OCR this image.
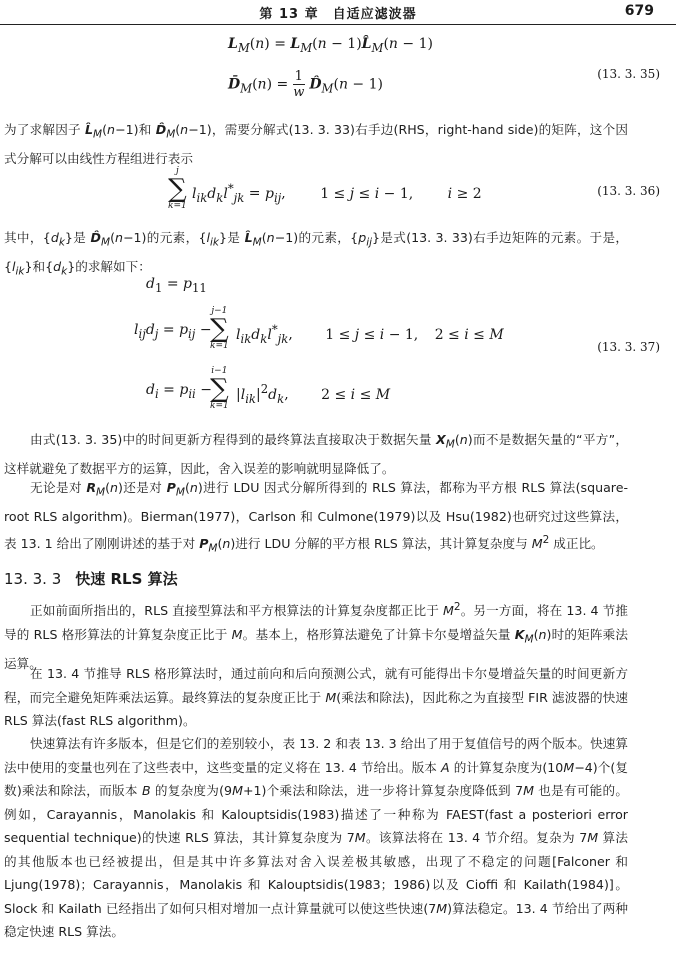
第 13 章　自适应滤波器	679
$L_M(n) = L_M(n$ − $1)L̂_M(n - 1)$
$D̄_M(n) = \frac{1}{w}$ $D̂_M(n - 1)$
(13. 3. 35)

为了求解因子 $L̂_M(n-1)$和 $D̂_M(n-1)$，需要分解式(13. 3. 33)右手边(RHS，right-hand side)的矩阵，这个因式分解可以由线性方程组进行表示

j
∑
k=1
$l_{ik}d_kl^*_{jk} = p_{ij}$, 1 ≤ j ≤ i − 1, i ≥ 2	(13. 3. 36)

其中，$\{d_k\}$是 $D̂_M(n-1)$的元素，$\{l_{ik}\}$是 $L̂_M(n-1)$的元素，$\{p_{ij}\}$是式(13. 3. 33)右手边矩阵的元素。于是，$\{l_{ik}\}$和$\{d_k\}$的求解如下：

$d_1 = p_{11}$
$l_{ij}d_j = p_{ij}$ −
j−1
∑
k=1
$l_{ik}d_kl^*_{jk}$, 1 ≤ j ≤ i − 1, 2 ≤ i ≤ M
(13. 3. 37)
$d_i = p_{ii}$ −
i−1
∑
k=1
$|l_{ik}|^2d_k$, 2 ≤ i ≤ M

由式(13. 3. 35)中的时间更新方程得到的最终算法直接取决于数据矢量 $X_M(n)$而不是数据矢量的“平方”，这样就避免了数据平方的运算，因此，舍入误差的影响就明显降低了。

无论是对 $R_M(n)$还是对 $P_M(n)$进行 LDU 因式分解所得到的 RLS 算法，都称为平方根 RLS 算法(square-root RLS algorithm)。Bierman(1977)，Carlson 和 Culmone(1979)以及 Hsu(1982)也研究过这些算法，表 13. 1 给出了刚刚讲述的基于对 $P_M(n)$进行 LDU 分解的平方根 RLS 算法，其计算复杂度与 $M^2$ 成正比。

13. 3. 3 快速 RLS 算法

正如前面所指出的，RLS 直接型算法和平方根算法的计算复杂度都正比于 $M^2$。另一方面，将在 13. 4 节推导的 RLS 格形算法的计算复杂度正比于 M。基本上，格形算法避免了计算卡尔曼增益矢量 $K_M(n)$时的矩阵乘法运算。

在 13. 4 节推导 RLS 格形算法时，通过前向和后向预测公式，就有可能得出卡尔曼增益矢量的时间更新方程，而完全避免矩阵乘法运算。最终算法的复杂度正比于 M(乘法和除法)，因此称之为直接型 FIR 滤波器的快速 RLS 算法(fast RLS algorithm)。

快速算法有许多版本，但是它们的差别较小，表 13. 2 和表 13. 3 给出了用于复值信号的两个版本。快速算法中使用的变量也列在了这些表中，这些变量的定义将在 13. 4 节给出。版本 A 的计算复杂度为(10M−4)个(复数)乘法和除法，而版本 B 的复杂度为(9M+1)个乘法和除法，进一步将计算复杂度降低到 7M 也是有可能的。例如，Carayannis，Manolakis 和 Kalouptsidis(1983)描述了一种称为 FAEST(fast a posteriori error sequential technique)的快速 RLS 算法，其计算复杂度为 7M。该算法将在 13. 4 节介绍。复杂为 7M 算法的其他版本也已经被提出，但是其中许多算法对舍入误差极其敏感，出现了不稳定的问题[Falconer 和 Ljung(1978)；Carayannis，Manolakis 和 Kalouptsidis(1983；1986)以及 Cioffi 和 Kailath(1984)]。Slock 和 Kailath 已经指出了如何只相对增加一点计算量就可以使这些快速(7M)算法稳定。13. 4 节给出了两种稳定快速 RLS 算法。
